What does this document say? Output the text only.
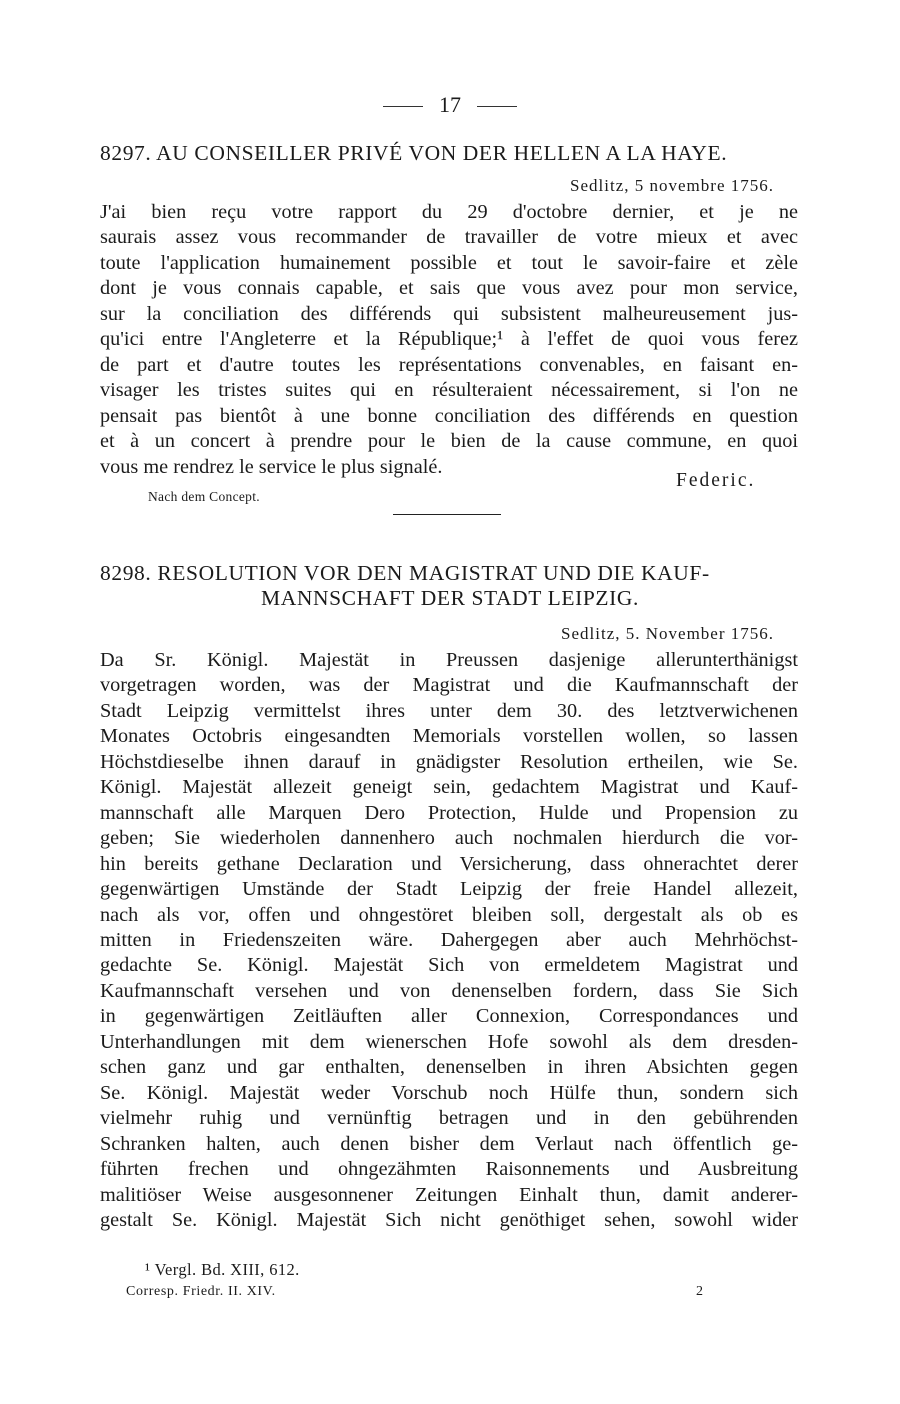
17
8297. AU CONSEILLER PRIVÉ VON DER HELLEN A LA HAYE.
Sedlitz, 5 novembre 1756.
J'ai bien reçu votre rapport du 29 d'octobre dernier, et je ne
saurais assez vous recommander de travailler de votre mieux et avec
toute l'application humainement possible et tout le savoir-faire et zèle
dont je vous connais capable, et sais que vous avez pour mon service,
sur la conciliation des différends qui subsistent malheureusement jus-
qu'ici entre l'Angleterre et la République;¹ à l'effet de quoi vous ferez
de part et d'autre toutes les représentations convenables, en faisant en-
visager les tristes suites qui en résulteraient nécessairement, si l'on ne
pensait pas bientôt à une bonne conciliation des différends en question
et à un concert à prendre pour le bien de la cause commune, en quoi
vous me rendrez le service le plus signalé.
Federic.
Nach dem Concept.
8298. RESOLUTION VOR DEN MAGISTRAT UND DIE KAUF-
MANNSCHAFT DER STADT LEIPZIG.
Sedlitz, 5. November 1756.
Da Sr. Königl. Majestät in Preussen dasjenige allerunterthänigst
vorgetragen worden, was der Magistrat und die Kaufmannschaft der
Stadt Leipzig vermittelst ihres unter dem 30. des letztverwichenen
Monates Octobris eingesandten Memorials vorstellen wollen, so lassen
Höchstdieselbe ihnen darauf in gnädigster Resolution ertheilen, wie Se.
Königl. Majestät allezeit geneigt sein, gedachtem Magistrat und Kauf-
mannschaft alle Marquen Dero Protection, Hulde und Propension zu
geben; Sie wiederholen dannenhero auch nochmalen hierdurch die vor-
hin bereits gethane Declaration und Versicherung, dass ohnerachtet derer
gegenwärtigen Umstände der Stadt Leipzig der freie Handel allezeit,
nach als vor, offen und ohngestöret bleiben soll, dergestalt als ob es
mitten in Friedenszeiten wäre. Dahergegen aber auch Mehrhöchst-
gedachte Se. Königl. Majestät Sich von ermeldetem Magistrat und
Kaufmannschaft versehen und von denenselben fordern, dass Sie Sich
in gegenwärtigen Zeitläuften aller Connexion, Correspondances und
Unterhandlungen mit dem wienerschen Hofe sowohl als dem dresden-
schen ganz und gar enthalten, denenselben in ihren Absichten gegen
Se. Königl. Majestät weder Vorschub noch Hülfe thun, sondern sich
vielmehr ruhig und vernünftig betragen und in den gebührenden
Schranken halten, auch denen bisher dem Verlaut nach öffentlich ge-
führten frechen und ohngezähmten Raisonnements und Ausbreitung
malitiöser Weise ausgesonnener Zeitungen Einhalt thun, damit anderer-
gestalt Se. Königl. Majestät Sich nicht genöthiget sehen, sowohl wider
¹ Vergl. Bd. XIII, 612.
Corresp. Friedr. II. XIV.	2
